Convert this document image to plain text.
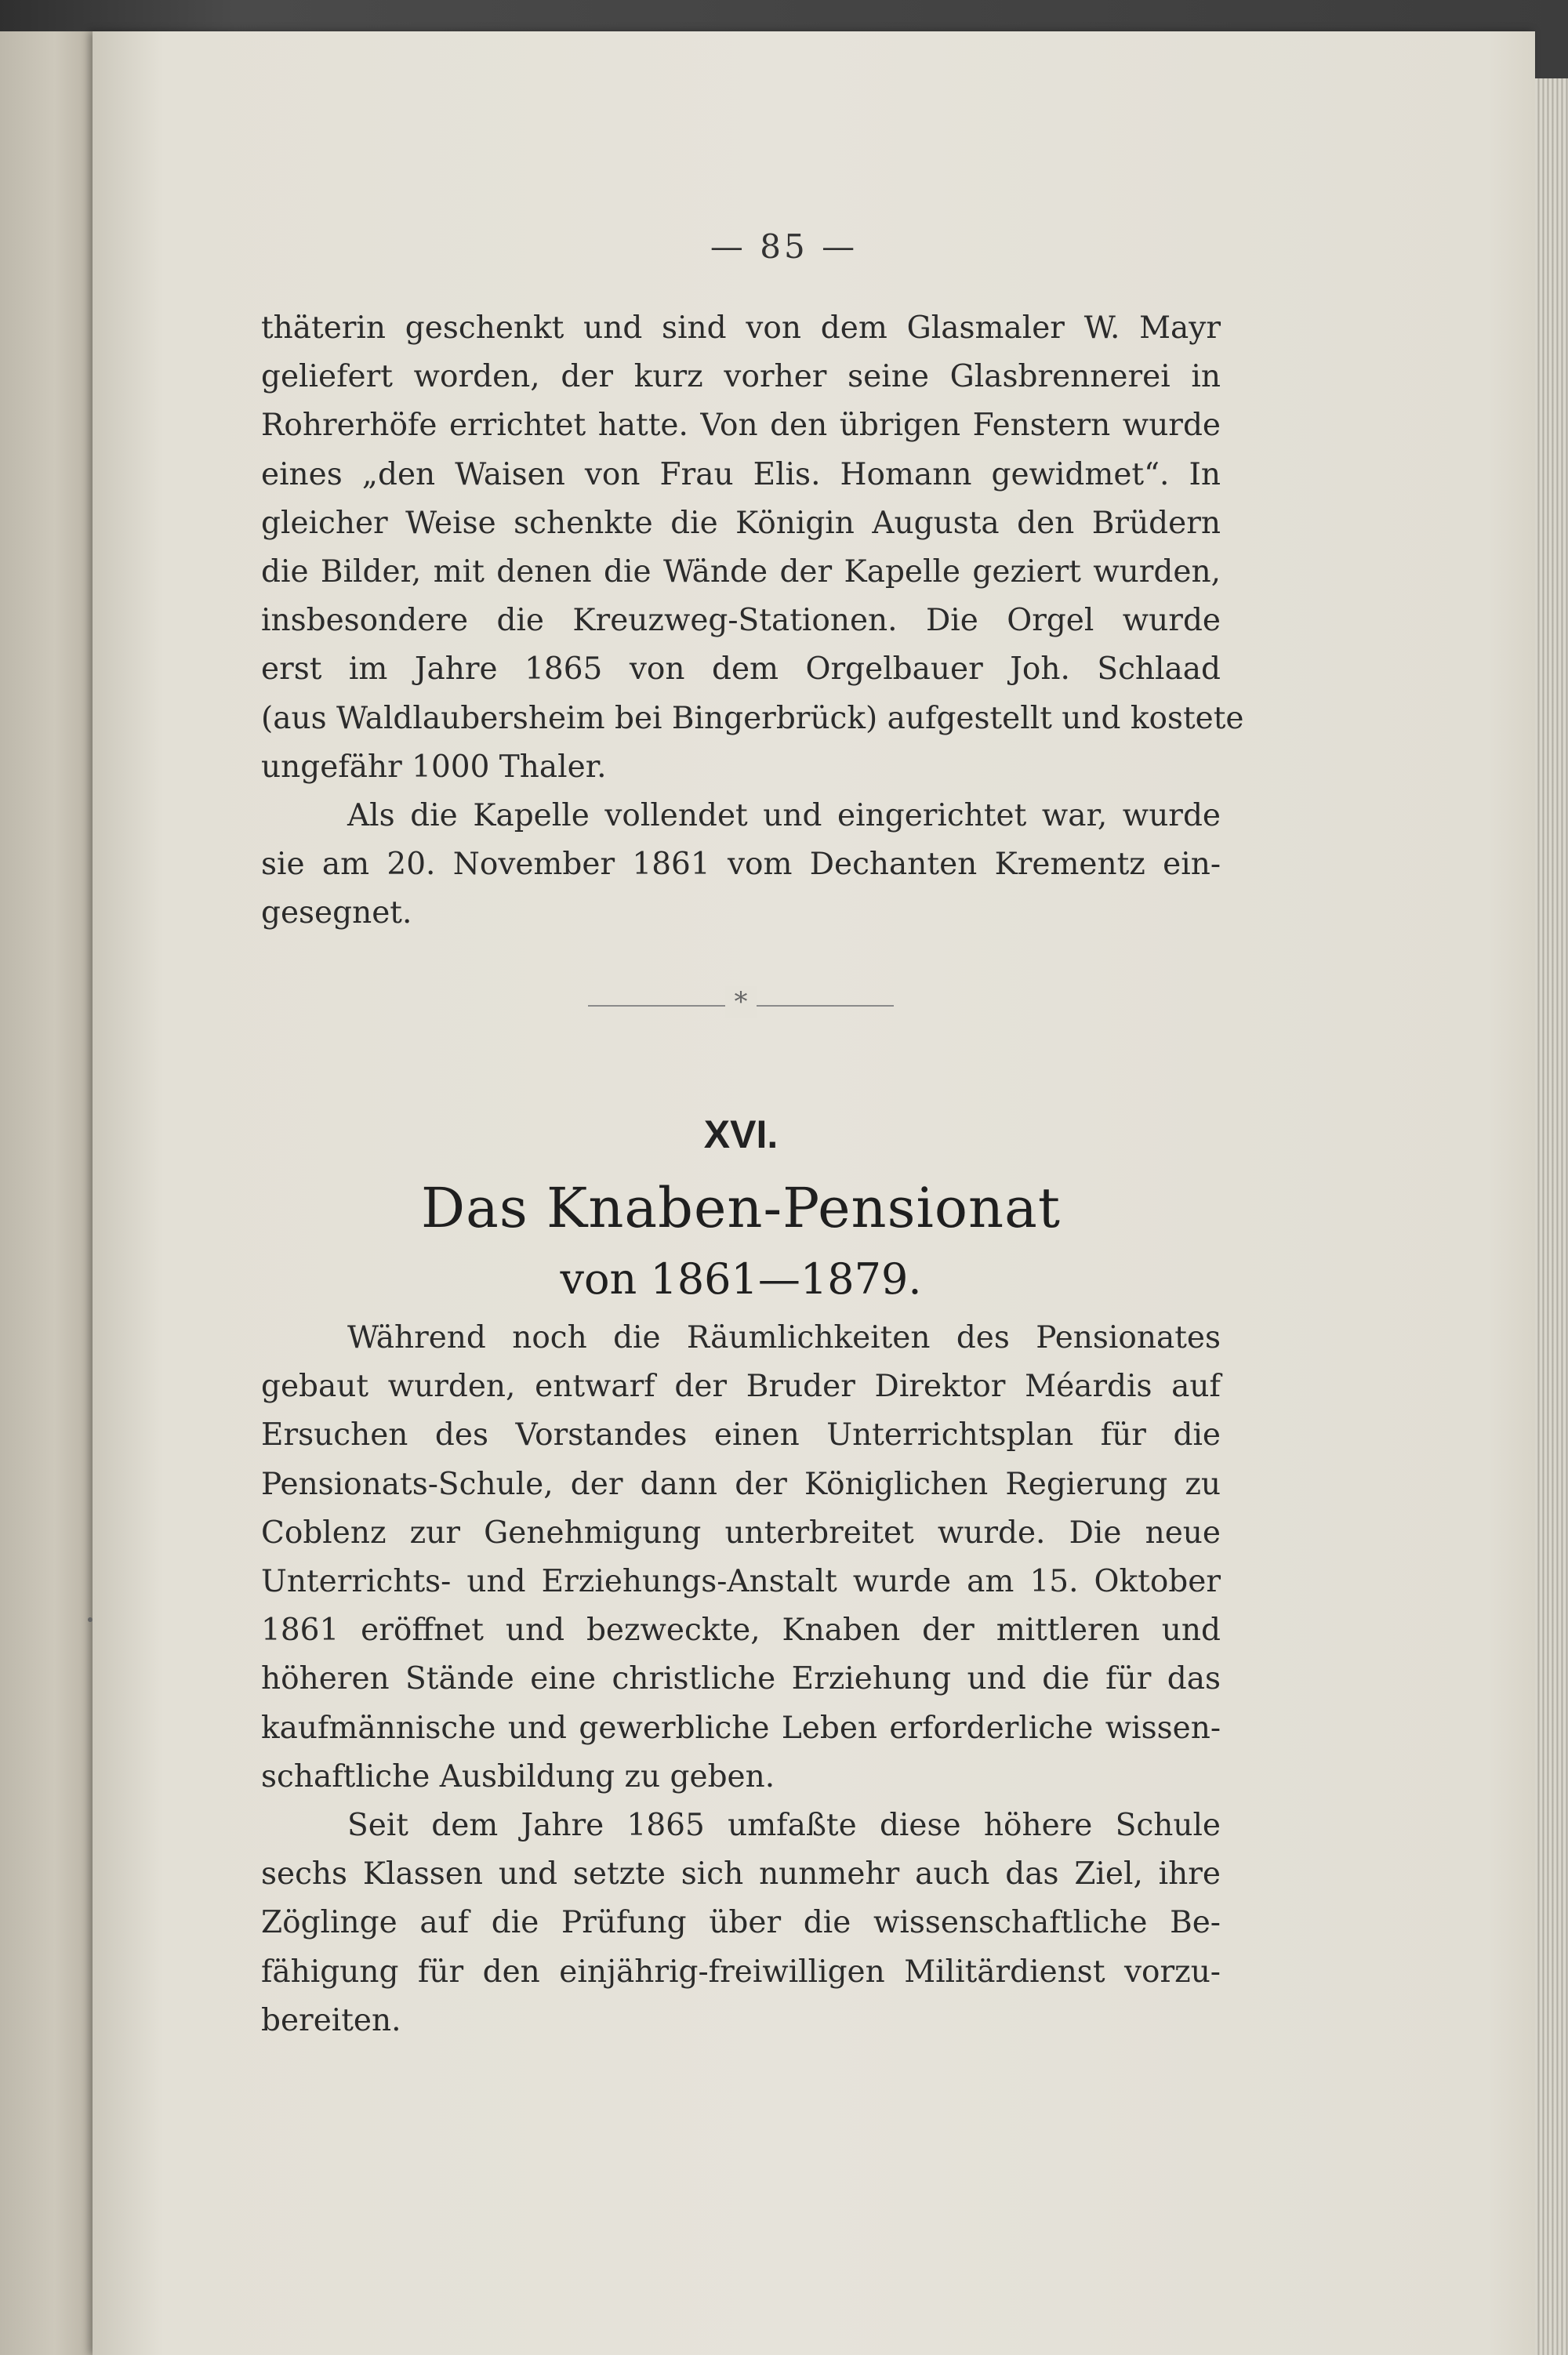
— 85 —
thäterin geschenkt und sind von dem Glasmaler W. Mayr
geliefert worden, der kurz vorher seine Glasbrennerei in
Rohrerhöfe errichtet hatte. Von den übrigen Fenstern wurde
eines „den Waisen von Frau Elis. Homann gewidmet“. In
gleicher Weise schenkte die Königin Augusta den Brüdern
die Bilder, mit denen die Wände der Kapelle geziert wurden,
insbesondere die Kreuzweg-Stationen. Die Orgel wurde
erst im Jahre 1865 von dem Orgelbauer Joh. Schlaad
(aus Waldlaubersheim bei Bingerbrück) aufgestellt und kostete
ungefähr 1000 Thaler.
Als die Kapelle vollendet und eingerichtet war, wurde
sie am 20. November 1861 vom Dechanten Krementz ein-
gesegnet.
*
XVI.
Das Knaben-Pensionat
von 1861—1879.
Während noch die Räumlichkeiten des Pensionates
gebaut wurden, entwarf der Bruder Direktor Méardis auf
Ersuchen des Vorstandes einen Unterrichtsplan für die
Pensionats-Schule, der dann der Königlichen Regierung zu
Coblenz zur Genehmigung unterbreitet wurde. Die neue
Unterrichts- und Erziehungs-Anstalt wurde am 15. Oktober
1861 eröffnet und bezweckte, Knaben der mittleren und
höheren Stände eine christliche Erziehung und die für das
kaufmännische und gewerbliche Leben erforderliche wissen-
schaftliche Ausbildung zu geben.
Seit dem Jahre 1865 umfaßte diese höhere Schule
sechs Klassen und setzte sich nunmehr auch das Ziel, ihre
Zöglinge auf die Prüfung über die wissenschaftliche Be-
fähigung für den einjährig-freiwilligen Militärdienst vorzu-
bereiten.
